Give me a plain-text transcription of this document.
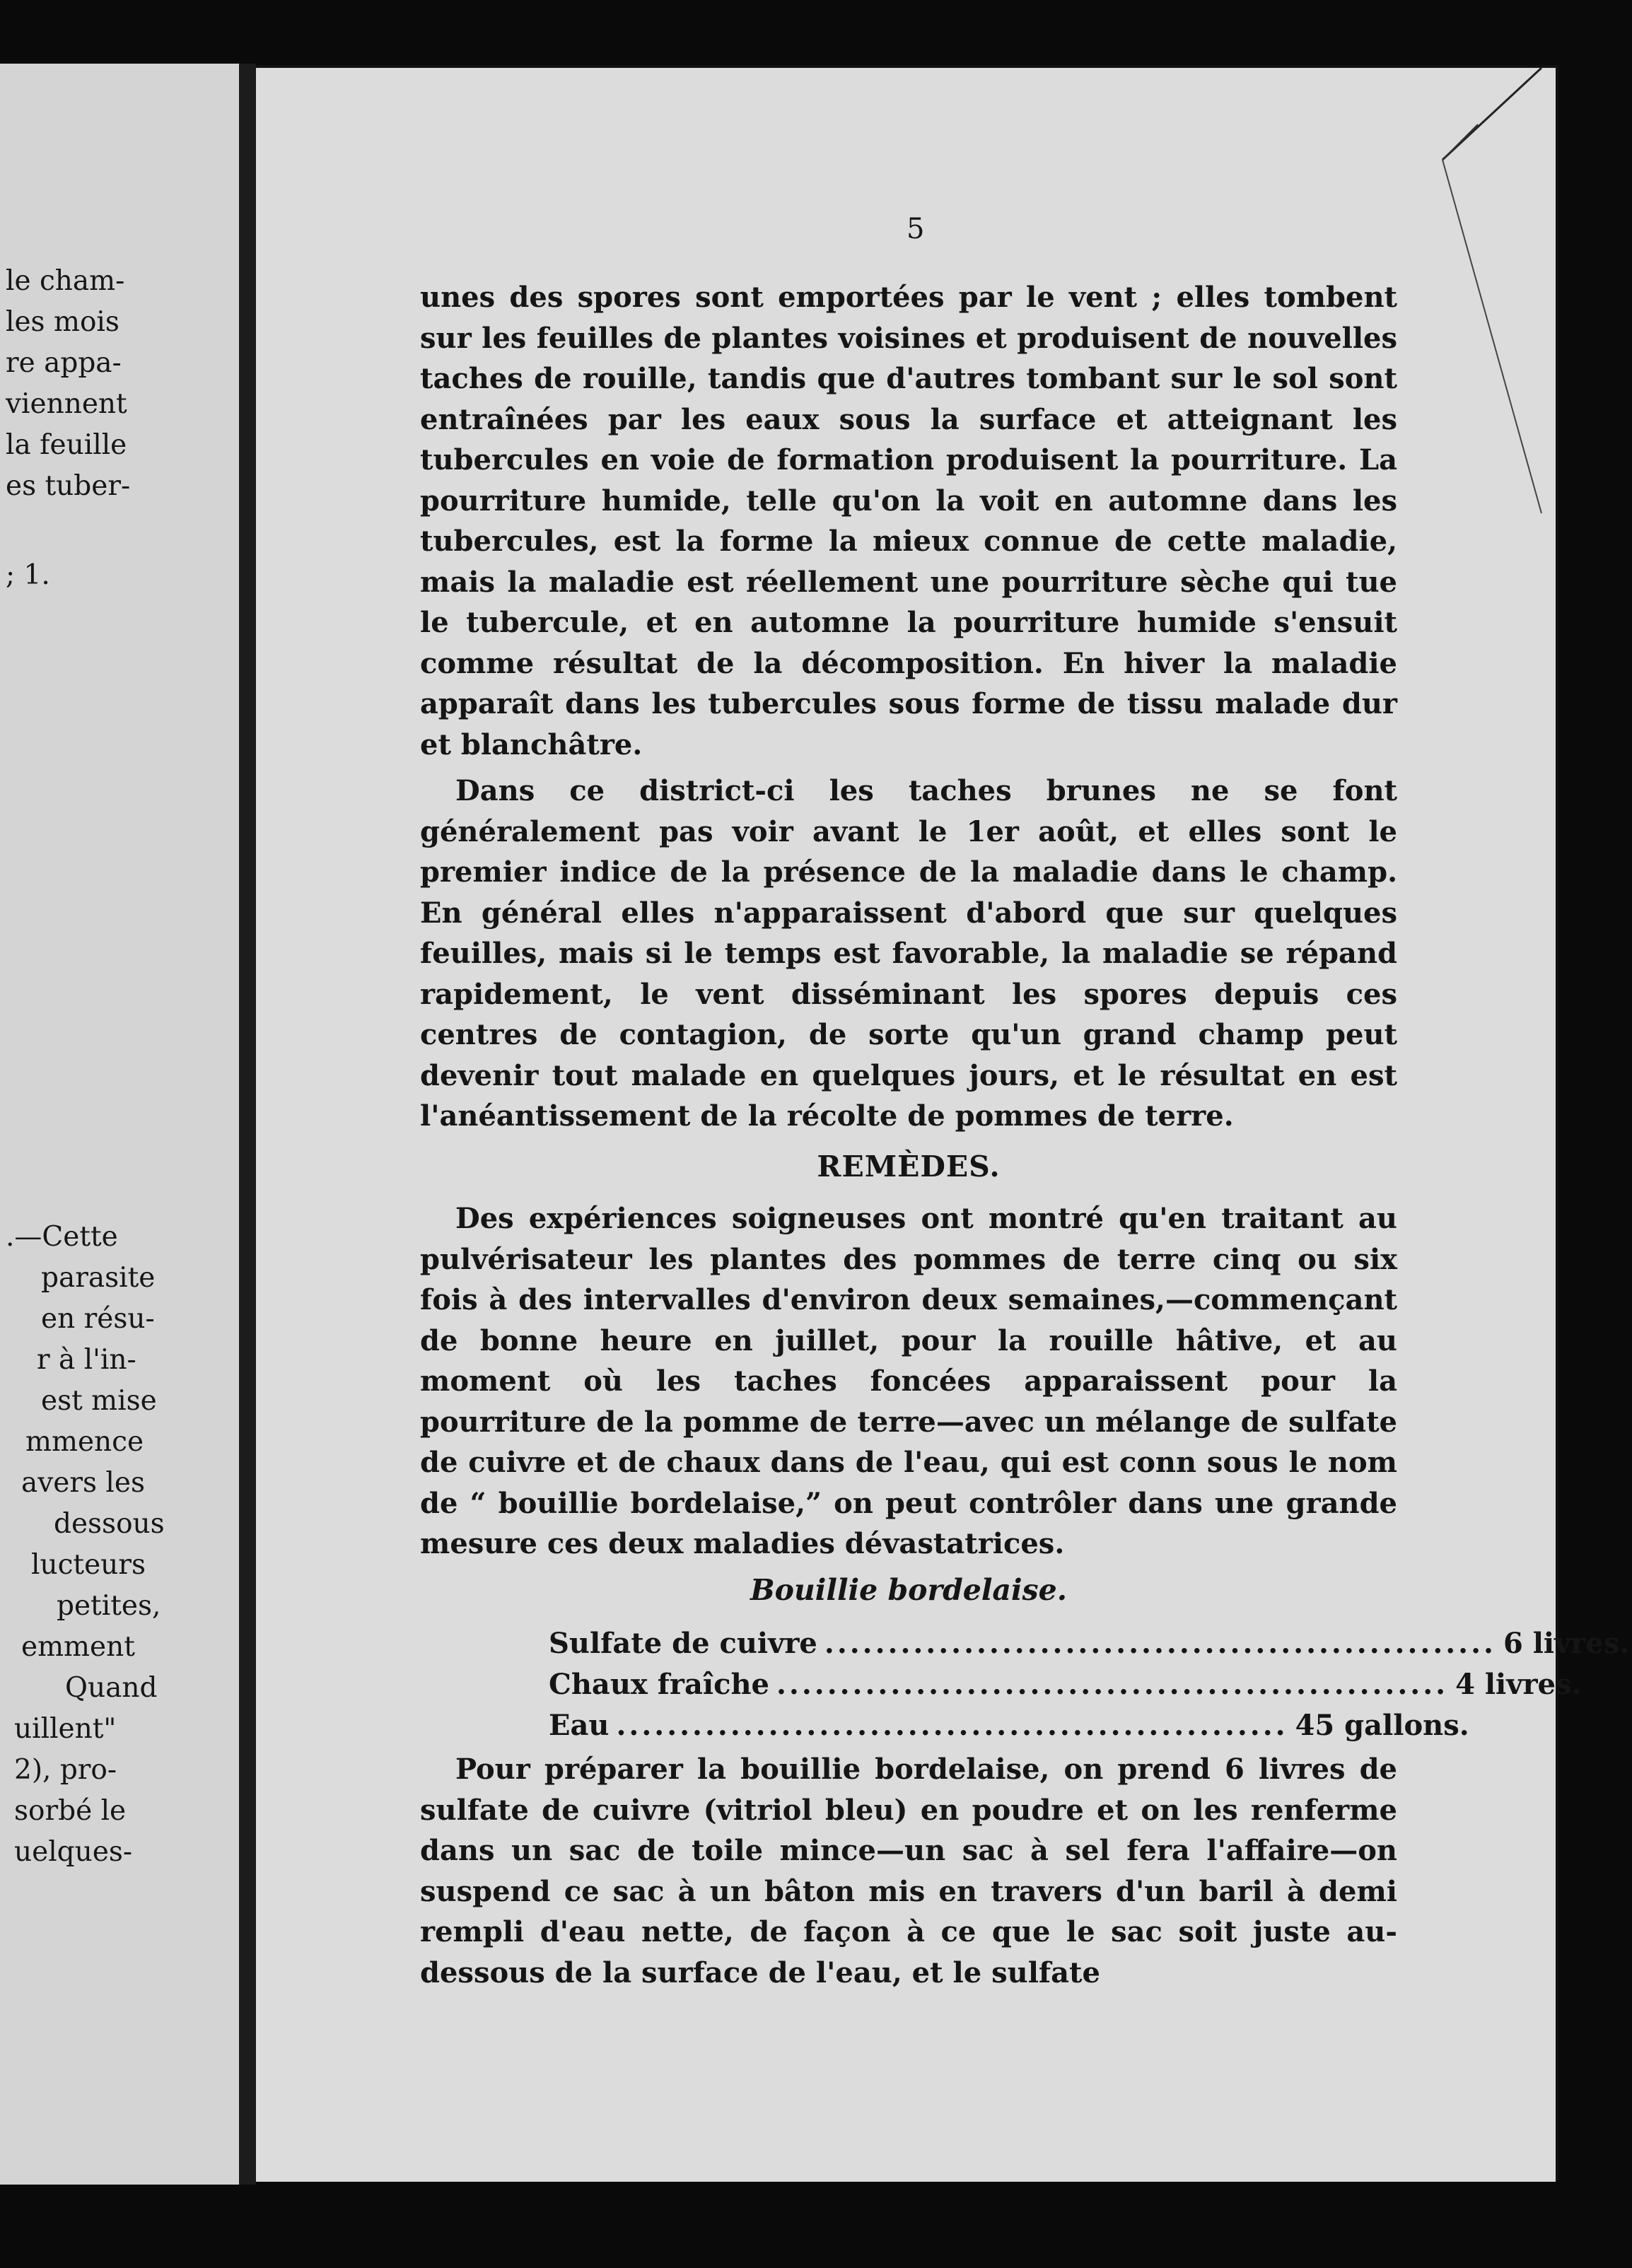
le cham-
les mois
re appa-
viennent
la feuille
es tuber-
; 1.
.—Cette
parasite
en résu-
r à l'in-
est mise
mmence
avers les
dessous
lucteurs
petites,
emment
Quand
uillent"
2), pro-
sorbé le
uelques-
5

unes des spores sont emportées par le vent ; elles tombent sur les feuilles de plantes voisines et produisent de nouvelles taches de rouille, tandis que d'autres tombant sur le sol sont entraînées par les eaux sous la surface et atteignant les tubercules en voie de formation produisent la pourriture. La pourriture humide, telle qu'on la voit en automne dans les tubercules, est la forme la mieux connue de cette maladie, mais la maladie est réellement une pourriture sèche qui tue le tubercule, et en automne la pourriture humide s'ensuit comme résultat de la décomposition. En hiver la maladie apparaît dans les tubercules sous forme de tissu malade dur et blanchâtre.

Dans ce district-ci les taches brunes ne se font généralement pas voir avant le 1er août, et elles sont le premier indice de la présence de la maladie dans le champ. En général elles n'apparaissent d'abord que sur quelques feuilles, mais si le temps est favorable, la maladie se répand rapidement, le vent disséminant les spores depuis ces centres de contagion, de sorte qu'un grand champ peut devenir tout malade en quelques jours, et le résultat en est l'anéantissement de la récolte de pommes de terre.

REMÈDES.

Des expériences soigneuses ont montré qu'en traitant au pulvérisateur les plantes des pommes de terre cinq ou six fois à des intervalles d'environ deux semaines,—commençant de bonne heure en juillet, pour la rouille hâtive, et au moment où les taches foncées apparaissent pour la pourriture de la pomme de terre—avec un mélange de sulfate de cuivre et de chaux dans de l'eau, qui est conn sous le nom de “ bouillie bordelaise,” on peut contrôler dans une grande mesure ces deux maladies dévastatrices.

Bouillie bordelaise.
Sulfate de cuivre ..................................................... 6 livres.
Chaux fraîche ..................................................... 4 livres.
Eau ..................................................... 45 gallons.

Pour préparer la bouillie bordelaise, on prend 6 livres de sulfate de cuivre (vitriol bleu) en poudre et on les renferme dans un sac de toile mince—un sac à sel fera l'affaire—on suspend ce sac à un bâton mis en travers d'un baril à demi rempli d'eau nette, de façon à ce que le sac soit juste au-dessous de la surface de l'eau, et le sulfate
